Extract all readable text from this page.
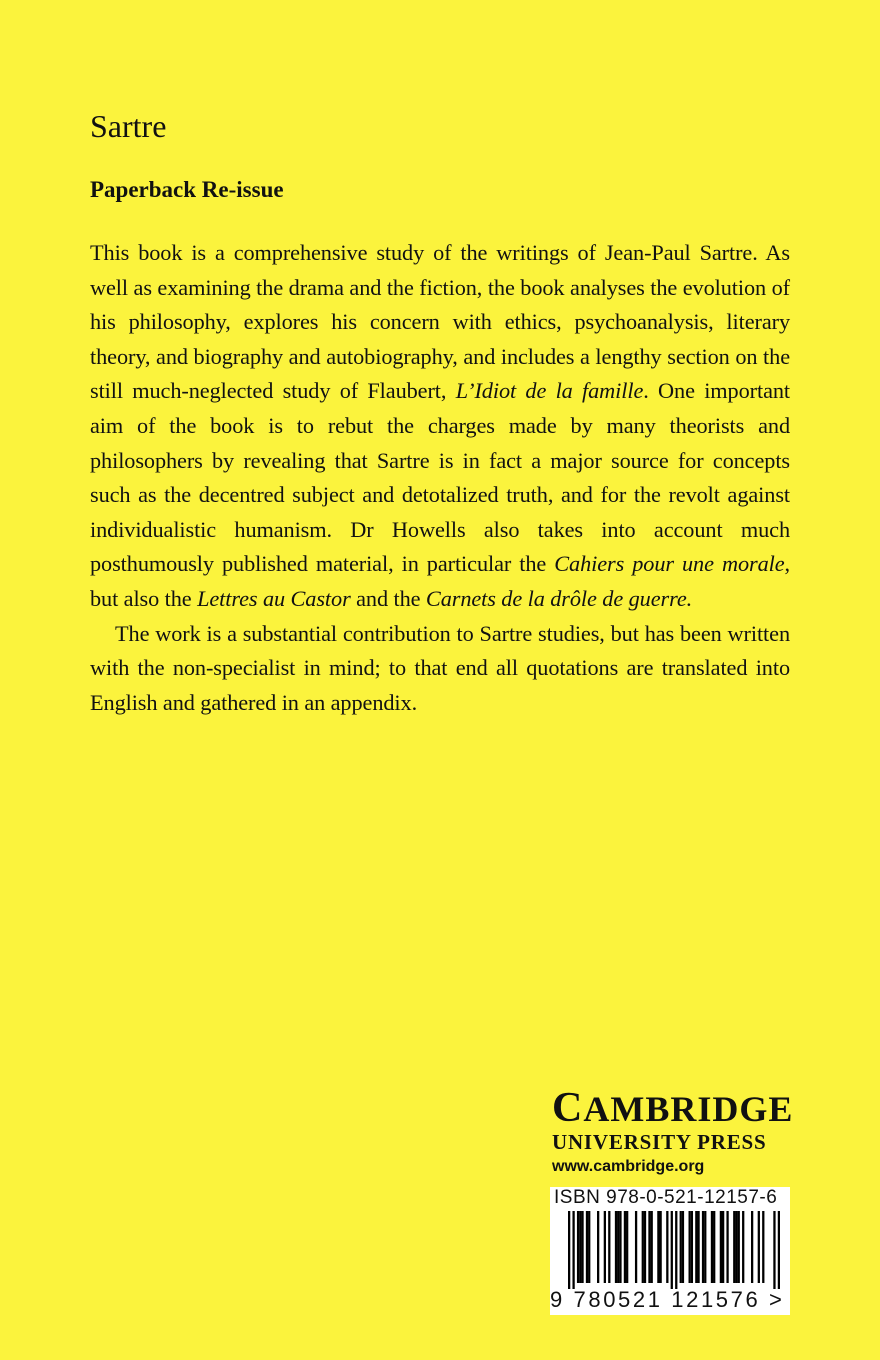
Sartre
Paperback Re-issue

This book is a comprehensive study of the writings of Jean-Paul Sartre. As well as examining the drama and the fiction, the book analyses the evolution of his philosophy, explores his concern with ethics, psychoanalysis, literary theory, and biography and autobiography, and includes a lengthy section on the still much-neglected study of Flaubert, L’Idiot de la famille. One important aim of the book is to rebut the charges made by many theorists and philosophers by revealing that Sartre is in fact a major source for concepts such as the decentred subject and detotalized truth, and for the revolt against individualistic humanism. Dr Howells also takes into account much posthumously published material, in particular the Cahiers pour une morale, but also the Lettres au Castor and the Carnets de la drôle de guerre.

The work is a substantial contribution to Sartre studies, but has been written with the non-specialist in mind; to that end all quotations are translated into English and gathered in an appendix.

CAMBRIDGE

UNIVERSITY PRESS

www.cambridge.org

ISBN 978-0-521-12157-6
9 780521 121576 >
